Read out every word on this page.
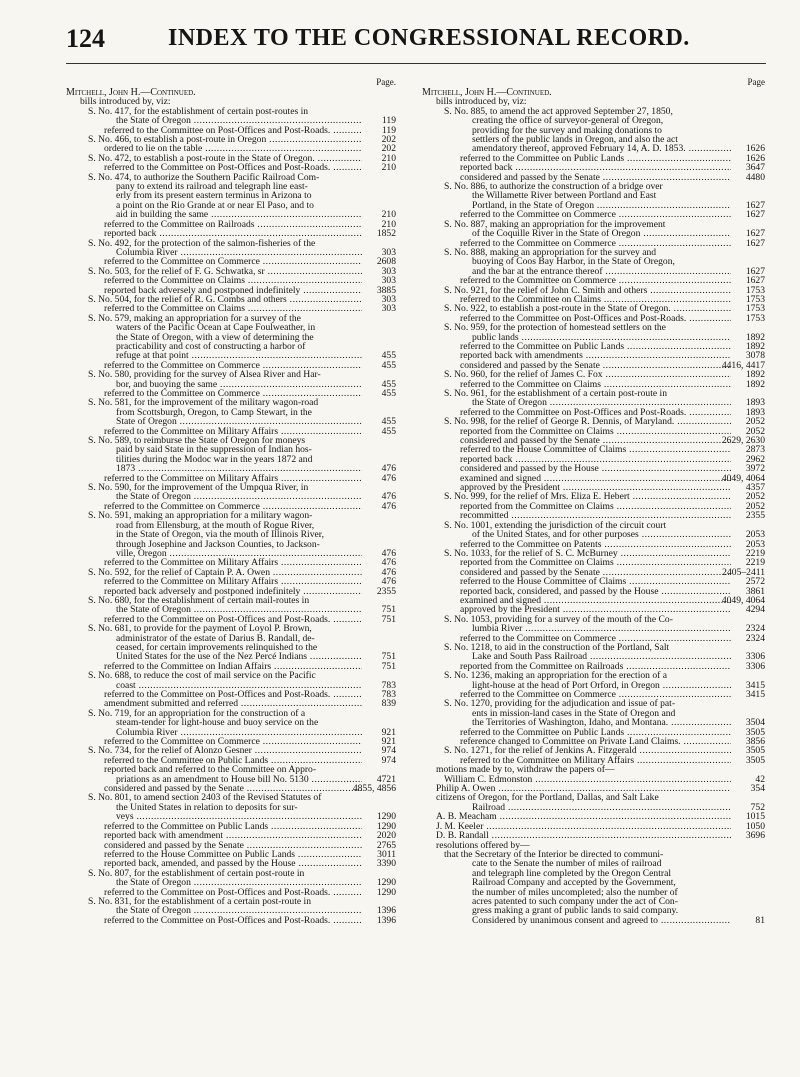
124	INDEX TO THE CONGRESSIONAL RECORD.
Page.
Mitchell, John H.—Continued.
bills introduced by, viz:
S. No. 417, for the establishment of certain post-routes in
the State of Oregon .....	119
referred to the Committee on Post-Offices and Post-Roads. .....	119
S. No. 466, to establish a post-route in Oregon .....	202
ordered to lie on the table .....	202
S. No. 472, to establish a post-route in the State of Oregon. .....	210
referred to the Committee on Post-Offices and Post-Roads. .....	210
S. No. 474, to authorize the Southern Pacific Railroad Com-
pany to extend its railroad and telegraph line east-
erly from its present eastern terminus in Arizona to
a point on the Rio Grande at or near El Paso, and to
aid in building the same .....	210
referred to the Committee on Railroads .....	210
reported back .....	1852
S. No. 492, for the protection of the salmon-fisheries of the
Columbia River .....	303
referred to the Committee on Commerce .....	2608
S. No. 503, for the relief of F. G. Schwatka, sr .....	303
referred to the Committee on Claims .....	303
reported back adversely and postponed indefinitely .....	3885
S. No. 504, for the relief of R. G. Combs and others .....	303
referred to the Committee on Claims .....	303
S. No. 579, making an appropriation for a survey of the
waters of the Pacific Ocean at Cape Foulweather, in
the State of Oregon, with a view of determining the
practicability and cost of constructing a harbor of
refuge at that point .....	455
referred to the Committee on Commerce .....	455
S. No. 580, providing for the survey of Alsea River and Har-
bor, and buoying the same .....	455
referred to the Committee on Commerce .....	455
S. No. 581, for the improvement of the military wagon-road
from Scottsburgh, Oregon, to Camp Stewart, in the
State of Oregon .....	455
referred to the Committee on Military Affairs .....	455
S. No. 589, to reimburse the State of Oregon for moneys
paid by said State in the suppression of Indian hos-
tilities during the Modoc war in the years 1872 and
1873 .....	476
referred to the Committee on Military Affairs .....	476
S. No. 590, for the improvement of the Umpqua River, in
the State of Oregon .....	476
referred to the Committee on Commerce .....	476
S. No. 591, making an appropriation for a military wagon-
road from Ellensburg, at the mouth of Rogue River,
in the State of Oregon, via the mouth of Illinois River,
through Josephine and Jackson Counties, to Jackson-
ville, Oregon .....	476
referred to the Committee on Military Affairs .....	476
S. No. 592, for the relief of Captain P. A. Owen .....	476
referred to the Committee on Military Affairs .....	476
reported back adversely and postponed indefinitely .....	2355
S. No. 680, for the establishment of certain mail-routes in
the State of Oregon .....	751
referred to the Committee on Post-Offices and Post-Roads. .....	751
S. No. 681, to provide for the payment of Loyol P. Brown,
administrator of the estate of Darius B. Randall, de-
ceased, for certain improvements relinquished to the
United States for the use of the Nez Percé Indians .....	751
referred to the Committee on Indian Affairs .....	751
S. No. 688, to reduce the cost of mail service on the Pacific
coast .....	783
referred to the Committee on Post-Offices and Post-Roads. .....	783
amendment submitted and referred .....	839
S. No. 719, for an appropriation for the construction of a
steam-tender for light-house and buoy service on the
Columbia River .....	921
referred to the Committee on Commerce .....	921
S. No. 734, for the relief of Alonzo Gesner .....	974
referred to the Committee on Public Lands .....	974
reported back and referred to the Committee on Appro-
priations as an amendment to House bill No. 5130 .....	4721
considered and passed by the Senate .....	4855, 4856
S. No. 801, to amend section 2403 of the Revised Statutes of
the United States in relation to deposits for sur-
veys .....	1290
referred to the Committee on Public Lands .....	1290
reported back with amendment .....	2020
considered and passed by the Senate .....	2765
referred to the House Committee on Public Lands .....	3011
reported back, amended, and passed by the House .....	3390
S. No. 807, for the establishment of certain post-route in
the State of Oregon .....	1290
referred to the Committee on Post-Offices and Post-Roads. .....	1290
S. No. 831, for the establishment of a certain post-route in
the State of Oregon .....	1396
referred to the Committee on Post-Offices and Post-Roads. .....	1396
Page
Mitchell, John H.—Continued.
bills introduced by, viz:
S. No. 885, to amend the act approved September 27, 1850,
creating the office of surveyor-general of Oregon,
providing for the survey and making donations to
settlers of the public lands in Oregon, and also the act
amendatory thereof, approved February 14, A. D. 1853. .....	1626
referred to the Committee on Public Lands .....	1626
reported back .....	3647
considered and passed by the Senate .....	4480
S. No. 886, to authorize the construction of a bridge over
the Willamette River between Portland and East
Portland, in the State of Oregon .....	1627
referred to the Committee on Commerce .....	1627
S. No. 887, making an appropriation for the improvement
of the Coquille River in the State of Oregon .....	1627
referred to the Committee on Commerce .....	1627
S. No. 888, making an appropriation for the survey and
buoying of Coos Bay Harbor, in the State of Oregon,
and the bar at the entrance thereof .....	1627
referred to the Committee on Commerce .....	1627
S. No. 921, for the relief of John C. Smith and others .....	1753
referred to the Committee on Claims .....	1753
S. No. 922, to establish a post-route in the State of Oregon. .....	1753
referred to the Committee on Post-Offices and Post-Roads. .....	1753
S. No. 959, for the protection of homestead settlers on the
public lands .....	1892
referred to the Committee on Public Lands .....	1892
reported back with amendments .....	3078
considered and passed by the Senate .....	4416, 4417
S. No. 960, for the relief of James C. Fox .....	1892
referred to the Committee on Claims .....	1892
S. No. 961, for the establishment of a certain post-route in
the State of Oregon .....	1893
referred to the Committee on Post-Offices and Post-Roads. .....	1893
S. No. 998, for the relief of George R. Dennis, of Maryland. .....	2052
reported from the Committee on Claims .....	2052
considered and passed by the Senate .....	2629, 2630
referred to the House Committee of Claims .....	2873
reported back .....	2962
considered and passed by the House .....	3972
examined and signed .....	4049, 4064
approved by the President .....	4357
S. No. 999, for the relief of Mrs. Eliza E. Hebert .....	2052
reported from the Committee on Claims .....	2052
recommitted .....	2355
S. No. 1001, extending the jurisdiction of the circuit court
of the United States, and for other purposes .....	2053
referred to the Committee on Patents .....	2053
S. No. 1033, for the relief of S. C. McBurney .....	2219
reported from the Committee on Claims .....	2219
considered and passed by the Senate .....	2405–2411
referred to the House Committee of Claims .....	2572
reported back, considered, and passed by the House .....	3861
examined and signed .....	4049, 4064
approved by the President .....	4294
S. No. 1053, providing for a survey of the mouth of the Co-
lumbia River .....	2324
referred to the Committee on Commerce .....	2324
S. No. 1218, to aid in the construction of the Portland, Salt
Lake and South Pass Railroad .....	3306
reported from the Committee on Railroads .....	3306
S. No. 1236, making an appropriation for the erection of a
light-house at the head of Port Orford, in Oregon .....	3415
referred to the Committee on Commerce .....	3415
S. No. 1270, providing for the adjudication and issue of pat-
ents in mission-land cases in the State of Oregon and
the Territories of Washington, Idaho, and Montana. .....	3504
referred to the Committee on Public Lands .....	3505
reference changed to Committee on Private Land Claims. .....	3856
S. No. 1271, for the relief of Jenkins A. Fitzgerald .....	3505
referred to the Committee on Military Affairs .....	3505
motions made by to, withdraw the papers of—
William C. Edmonston .....	42
Philip A. Owen .....	354
citizens of Oregon, for the Portland, Dallas, and Salt Lake
Railroad .....	752
A. B. Meacham .....	1015
J. M. Keeler .....	1050
D. B. Randall .....	3696
resolutions offered by—
that the Secretary of the Interior be directed to communi-
cate to the Senate the number of miles of railroad
and telegraph line completed by the Oregon Central
Railroad Company and accepted by the Government,
the number of miles uncompleted; also the number of
acres patented to such company under the act of Con-
gress making a grant of public lands to said company.
Considered by unanimous consent and agreed to .....	81
